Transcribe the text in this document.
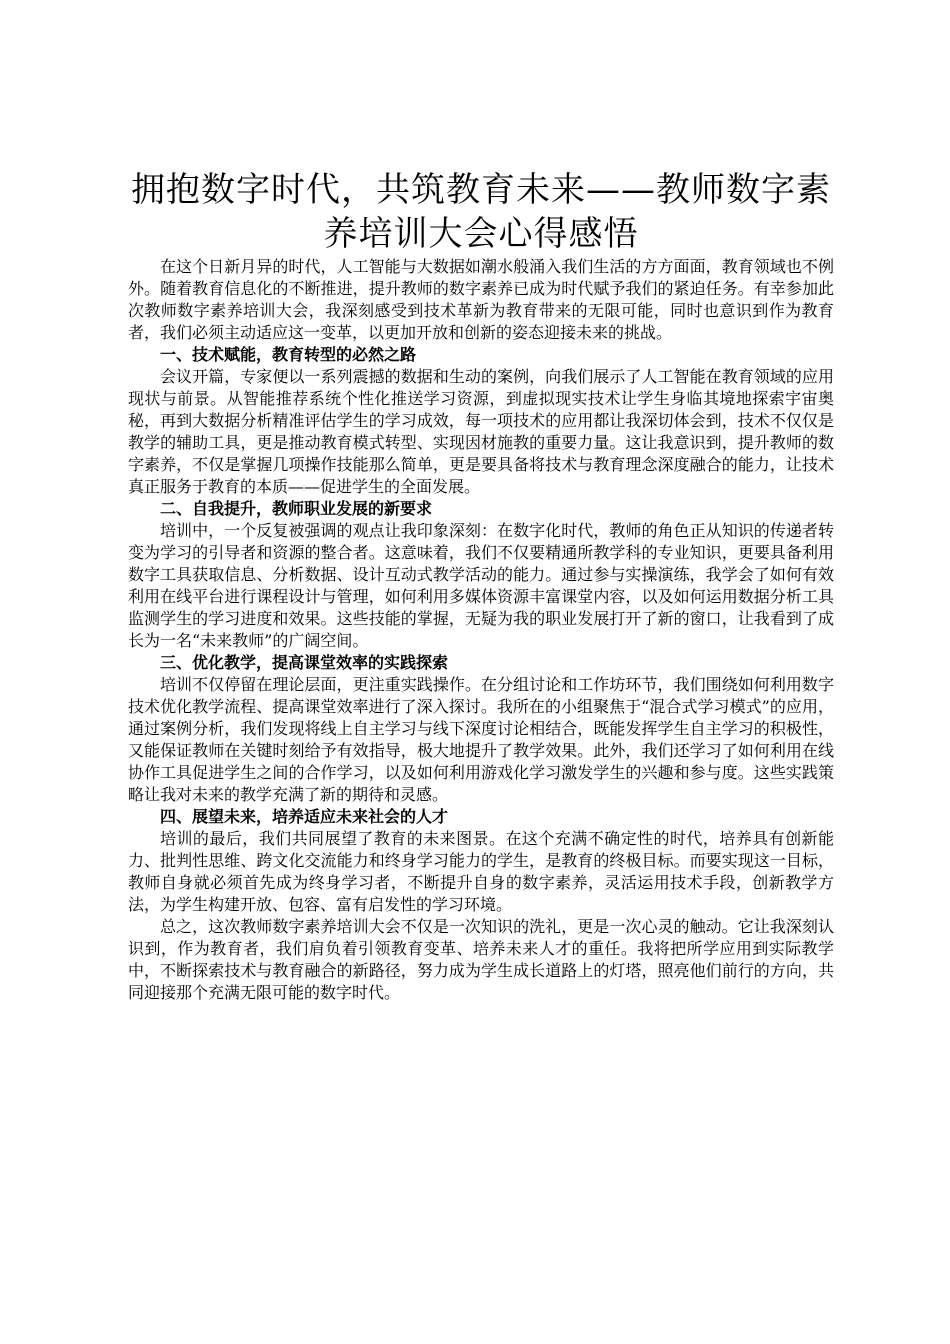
拥抱数字时代，共筑教育未来——教师数字素养培训大会心得感悟

在这个日新月异的时代，人工智能与大数据如潮水般涌入我们生活的方方面面，教育领域也不例外。随着教育信息化的不断推进，提升教师的数字素养已成为时代赋予我们的紧迫任务。有幸参加此次教师数字素养培训大会，我深刻感受到技术革新为教育带来的无限可能，同时也意识到作为教育者，我们必须主动适应这一变革，以更加开放和创新的姿态迎接未来的挑战。

一、技术赋能，教育转型的必然之路

会议开篇，专家便以一系列震撼的数据和生动的案例，向我们展示了人工智能在教育领域的应用现状与前景。从智能推荐系统个性化推送学习资源，到虚拟现实技术让学生身临其境地探索宇宙奥秘，再到大数据分析精准评估学生的学习成效，每一项技术的应用都让我深切体会到，技术不仅仅是教学的辅助工具，更是推动教育模式转型、实现因材施教的重要力量。这让我意识到，提升教师的数字素养，不仅是掌握几项操作技能那么简单，更是要具备将技术与教育理念深度融合的能力，让技术真正服务于教育的本质——促进学生的全面发展。

二、自我提升，教师职业发展的新要求

培训中，一个反复被强调的观点让我印象深刻：在数字化时代，教师的角色正从知识的传递者转变为学习的引导者和资源的整合者。这意味着，我们不仅要精通所教学科的专业知识，更要具备利用数字工具获取信息、分析数据、设计互动式教学活动的能力。通过参与实操演练，我学会了如何有效利用在线平台进行课程设计与管理，如何利用多媒体资源丰富课堂内容，以及如何运用数据分析工具监测学生的学习进度和效果。这些技能的掌握，无疑为我的职业发展打开了新的窗口，让我看到了成长为一名“未来教师”的广阔空间。

三、优化教学，提高课堂效率的实践探索

培训不仅停留在理论层面，更注重实践操作。在分组讨论和工作坊环节，我们围绕如何利用数字技术优化教学流程、提高课堂效率进行了深入探讨。我所在的小组聚焦于“混合式学习模式”的应用，通过案例分析，我们发现将线上自主学习与线下深度讨论相结合，既能发挥学生自主学习的积极性，又能保证教师在关键时刻给予有效指导，极大地提升了教学效果。此外，我们还学习了如何利用在线协作工具促进学生之间的合作学习，以及如何利用游戏化学习激发学生的兴趣和参与度。这些实践策略让我对未来的教学充满了新的期待和灵感。

四、展望未来，培养适应未来社会的人才

培训的最后，我们共同展望了教育的未来图景。在这个充满不确定性的时代，培养具有创新能力、批判性思维、跨文化交流能力和终身学习能力的学生，是教育的终极目标。而要实现这一目标，教师自身就必须首先成为终身学习者，不断提升自身的数字素养，灵活运用技术手段，创新教学方法，为学生构建开放、包容、富有启发性的学习环境。

总之，这次教师数字素养培训大会不仅是一次知识的洗礼，更是一次心灵的触动。它让我深刻认识到，作为教育者，我们肩负着引领教育变革、培养未来人才的重任。我将把所学应用到实际教学中，不断探索技术与教育融合的新路径，努力成为学生成长道路上的灯塔，照亮他们前行的方向，共同迎接那个充满无限可能的数字时代。
